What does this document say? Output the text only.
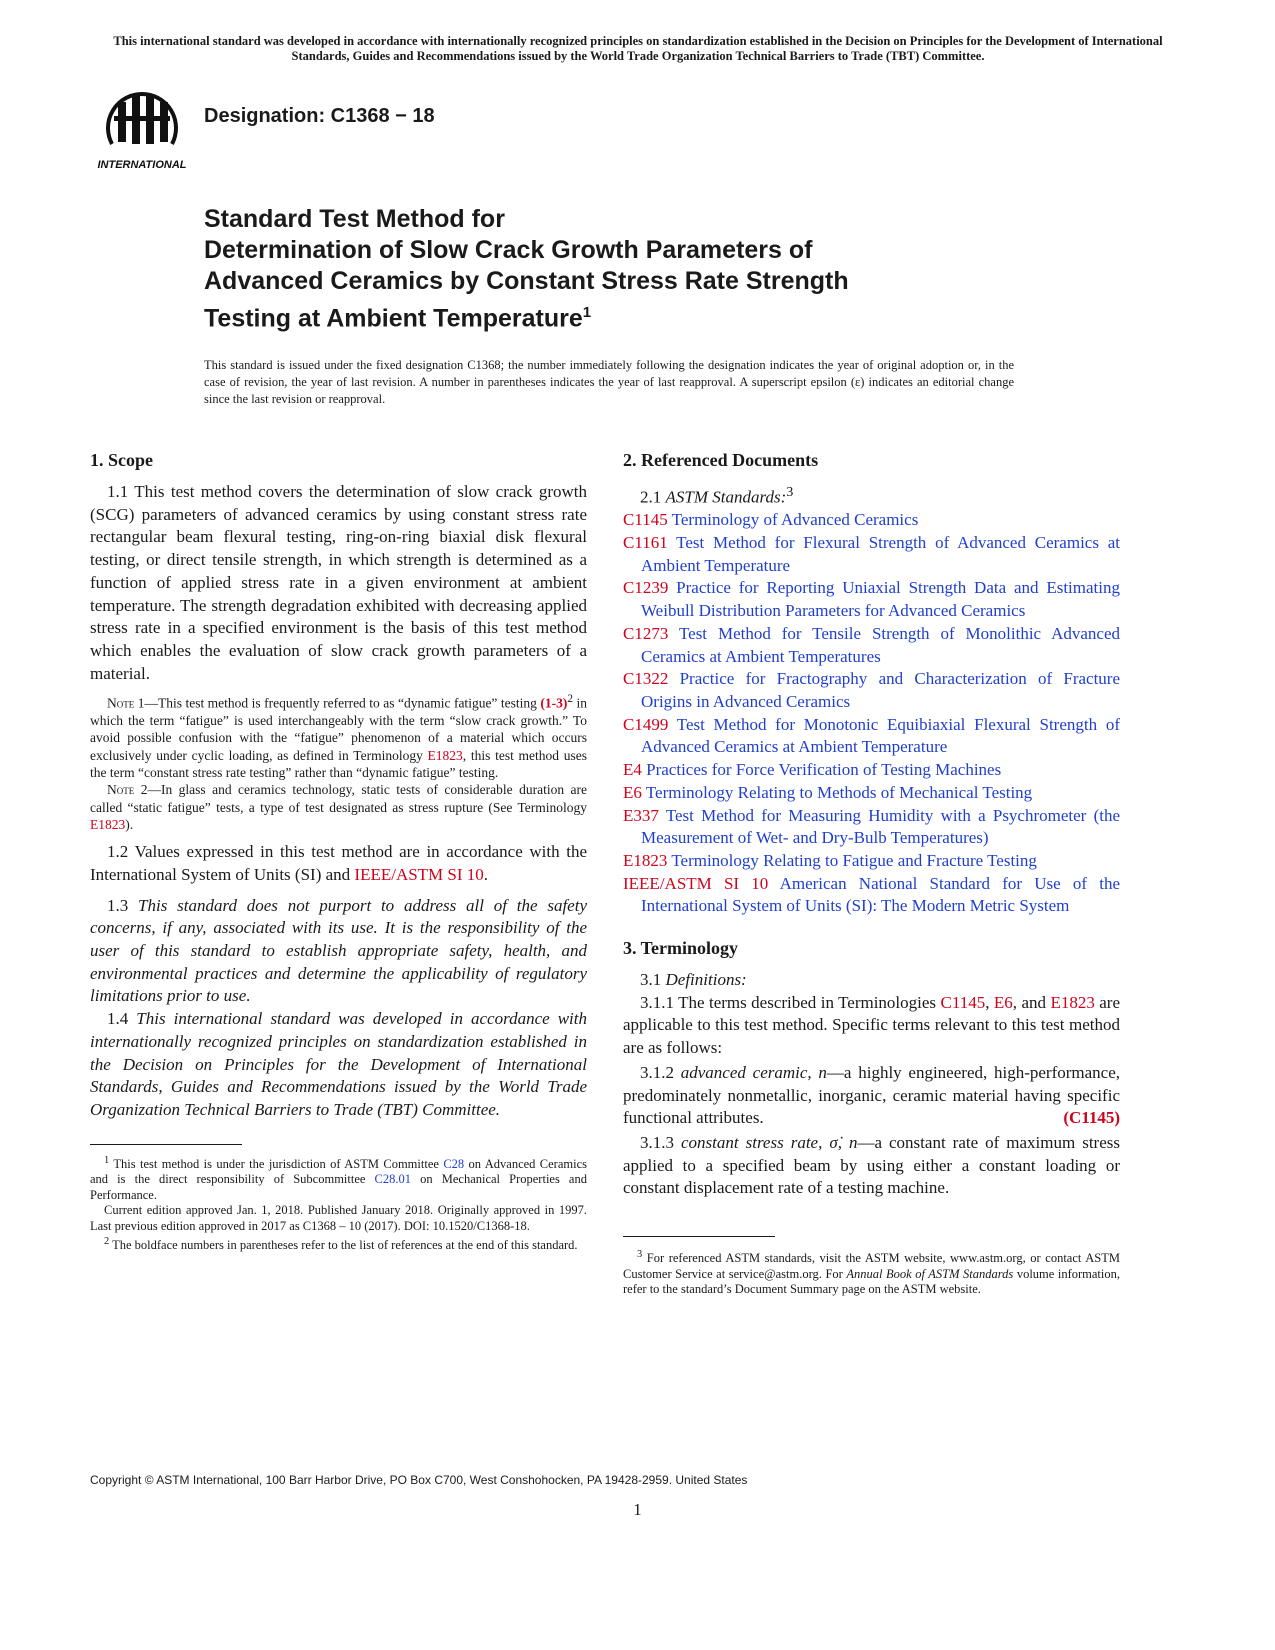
This international standard was developed in accordance with internationally recognized principles on standardization established in the Decision on Principles for the Development of International Standards, Guides and Recommendations issued by the World Trade Organization Technical Barriers to Trade (TBT) Committee.
INTERNATIONAL
Designation: C1368 − 18
Standard Test Method for
Determination of Slow Crack Growth Parameters of
Advanced Ceramics by Constant Stress Rate Strength
Testing at Ambient Temperature$^1$
This standard is issued under the fixed designation C1368; the number immediately following the designation indicates the year of original adoption or, in the case of revision, the year of last revision. A number in parentheses indicates the year of last reapproval. A superscript epsilon (ε) indicates an editorial change since the last revision or reapproval.
1. Scope

1.1 This test method covers the determination of slow crack growth (SCG) parameters of advanced ceramics by using constant stress rate rectangular beam flexural testing, ring-on-ring biaxial disk flexural testing, or direct tensile strength, in which strength is determined as a function of applied stress rate in a given environment at ambient temperature. The strength degradation exhibited with decreasing applied stress rate in a specified environment is the basis of this test method which enables the evaluation of slow crack growth parameters of a material.

Note 1—This test method is frequently referred to as “dynamic fatigue” testing $(1-3)^2$ in which the term “fatigue” is used interchangeably with the term “slow crack growth.” To avoid possible confusion with the “fatigue” phenomenon of a material which occurs exclusively under cyclic loading, as defined in Terminology E1823, this test method uses the term “constant stress rate testing” rather than “dynamic fatigue” testing.

Note 2—In glass and ceramics technology, static tests of considerable duration are called “static fatigue” tests, a type of test designated as stress rupture (See Terminology E1823).

1.2 Values expressed in this test method are in accordance with the International System of Units (SI) and IEEE/ASTM SI 10.

1.3 This standard does not purport to address all of the safety concerns, if any, associated with its use. It is the responsibility of the user of this standard to establish appropriate safety, health, and environmental practices and determine the applicability of regulatory limitations prior to use.

1.4 This international standard was developed in accordance with internationally recognized principles on standardization established in the Decision on Principles for the Development of International Standards, Guides and Recommendations issued by the World Trade Organization Technical Barriers to Trade (TBT) Committee.

$^1$ This test method is under the jurisdiction of ASTM Committee C28 on Advanced Ceramics and is the direct responsibility of Subcommittee C28.01 on Mechanical Properties and Performance.

Current edition approved Jan. 1, 2018. Published January 2018. Originally approved in 1997. Last previous edition approved in 2017 as C1368 – 10 (2017). DOI: 10.1520/C1368-18.

$^2$ The boldface numbers in parentheses refer to the list of references at the end of this standard.

2. Referenced Documents

2.1 ASTM Standards:$^3$

C1145 Terminology of Advanced Ceramics

C1161 Test Method for Flexural Strength of Advanced Ceramics at Ambient Temperature

C1239 Practice for Reporting Uniaxial Strength Data and Estimating Weibull Distribution Parameters for Advanced Ceramics

C1273 Test Method for Tensile Strength of Monolithic Advanced Ceramics at Ambient Temperatures

C1322 Practice for Fractography and Characterization of Fracture Origins in Advanced Ceramics

C1499 Test Method for Monotonic Equibiaxial Flexural Strength of Advanced Ceramics at Ambient Temperature

E4 Practices for Force Verification of Testing Machines

E6 Terminology Relating to Methods of Mechanical Testing

E337 Test Method for Measuring Humidity with a Psychrometer (the Measurement of Wet- and Dry-Bulb Temperatures)

E1823 Terminology Relating to Fatigue and Fracture Testing

IEEE/ASTM SI 10 American National Standard for Use of the International System of Units (SI): The Modern Metric System

3. Terminology

3.1 Definitions:

3.1.1 The terms described in Terminologies C1145, E6, and E1823 are applicable to this test method. Specific terms relevant to this test method are as follows:

3.1.2 advanced ceramic, n—a highly engineered, high-performance, predominately nonmetallic, inorganic, ceramic material having specific functional attributes.	(C1145)

3.1.3 constant stress rate, σ̇, n—a constant rate of maximum stress applied to a specified beam by using either a constant loading or constant displacement rate of a testing machine.

$^3$ For referenced ASTM standards, visit the ASTM website, www.astm.org, or contact ASTM Customer Service at service@astm.org. For Annual Book of ASTM Standards volume information, refer to the standard’s Document Summary page on the ASTM website.

Copyright © ASTM International, 100 Barr Harbor Drive, PO Box C700, West Conshohocken, PA 19428-2959. United States
1
